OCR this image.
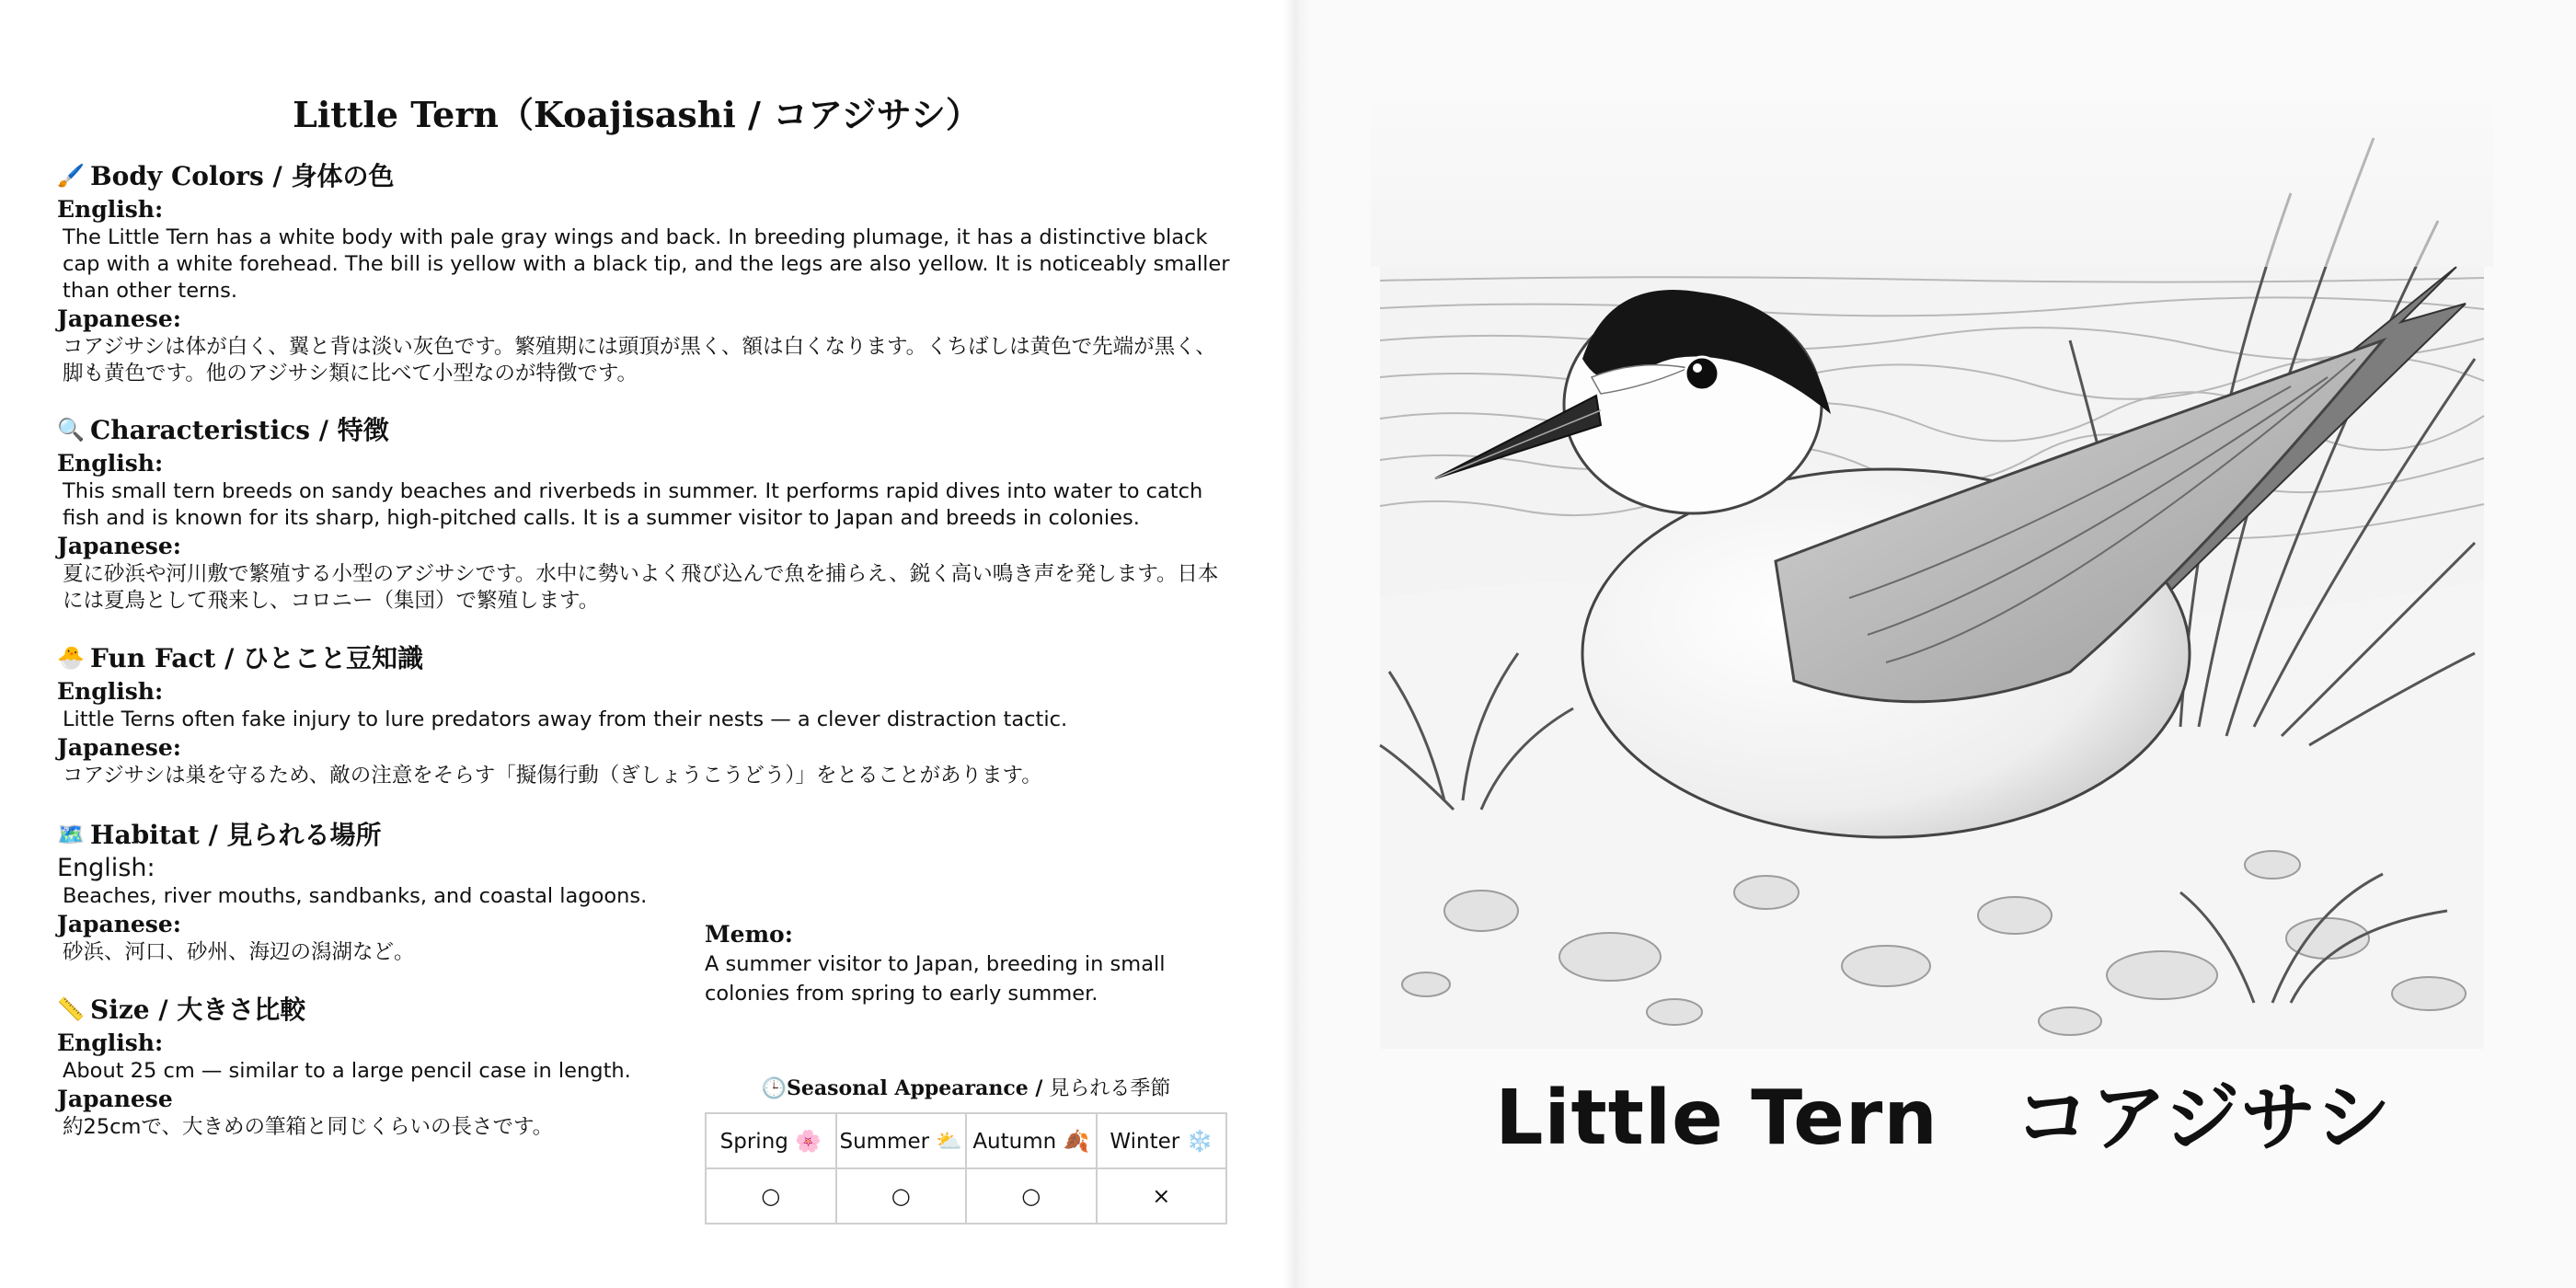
Little Tern（Koajisashi / コアジサシ）
🖌️ Body Colors / 身体の色
English:
The Little Tern has a white body with pale gray wings and back. In breeding plumage, it has a distinctive black cap with a white forehead. The bill is yellow with a black tip, and the legs are also yellow. It is noticeably smaller than other terns.
Japanese:
コアジサシは体が白く、翼と背は淡い灰色です。繁殖期には頭頂が黒く、額は白くなります。くちばしは黄色で先端が黒く、脚も黄色です。他のアジサシ類に比べて小型なのが特徴です。
🔍 Characteristics / 特徴
English:
This small tern breeds on sandy beaches and riverbeds in summer. It performs rapid dives into water to catch fish and is known for its sharp, high-pitched calls. It is a summer visitor to Japan and breeds in colonies.
Japanese:
夏に砂浜や河川敷で繁殖する小型のアジサシです。水中に勢いよく飛び込んで魚を捕らえ、鋭く高い鳴き声を発します。日本には夏鳥として飛来し、コロニー（集団）で繁殖します。
🐣 Fun Fact / ひとこと豆知識
English:
Little Terns often fake injury to lure predators away from their nests — a clever distraction tactic.
Japanese:
コアジサシは巣を守るため、敵の注意をそらす「擬傷行動（ぎしょうこうどう）」をとることがあります。
🗺️ Habitat / 見られる場所
English:
Beaches, river mouths, sandbanks, and coastal lagoons.
Japanese:
砂浜、河口、砂州、海辺の潟湖など。
📏 Size / 大きさ比較
English:
About 25 cm — similar to a large pencil case in length.
Japanese
約25cmで、大きめの筆箱と同じくらいの長さです。
Memo:
A summer visitor to Japan, breeding in small colonies from spring to early summer.
🕒Seasonal Appearance / 見られる季節
Spring 🌸	Summer ⛅	Autumn 🍂	Winter ❄️
○	○	○	×
Little Tern　コアジサシ
